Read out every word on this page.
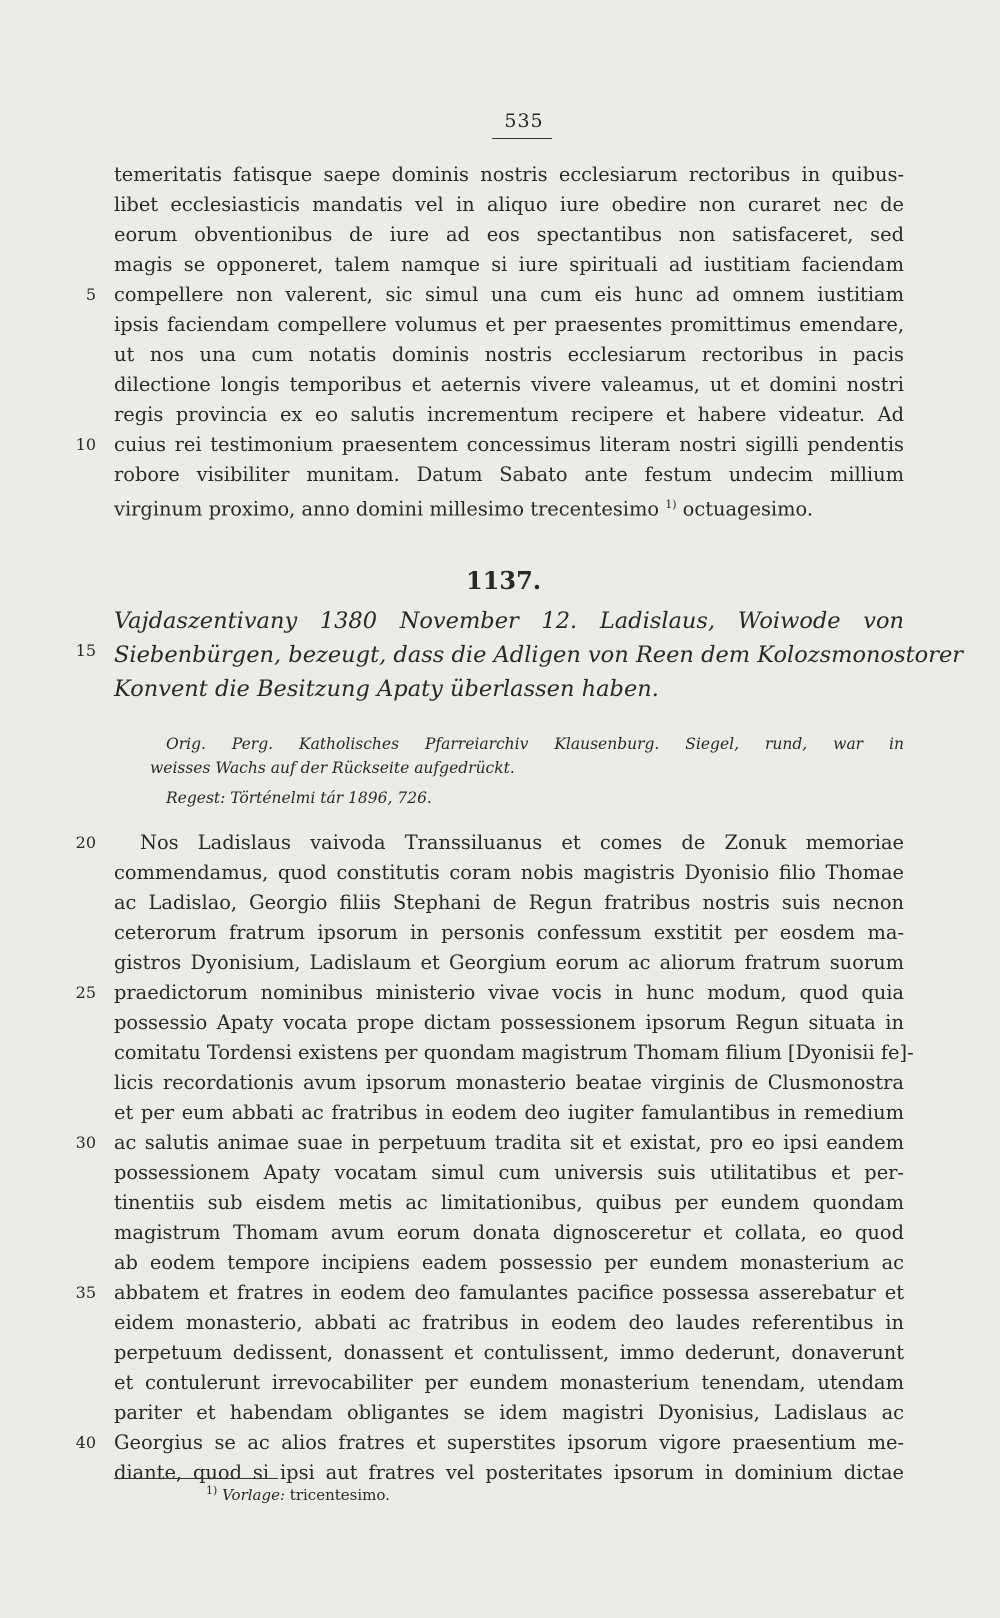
535
temeritatis fatisque saepe dominis nostris ecclesiarum rectoribus in quibus-
libet ecclesiasticis mandatis vel in aliquo iure obedire non curaret nec de
eorum obventionibus de iure ad eos spectantibus non satisfaceret, sed
magis se opponeret, talem namque si iure spirituali ad iustitiam faciendam
5 compellere non valerent, sic simul una cum eis hunc ad omnem iustitiam
ipsis faciendam compellere volumus et per praesentes promittimus emendare,
ut nos una cum notatis dominis nostris ecclesiarum rectoribus in pacis
dilectione longis temporibus et aeternis vivere valeamus, ut et domini nostri
regis provincia ex eo salutis incrementum recipere et habere videatur. Ad
10 cuius rei testimonium praesentem concessimus literam nostri sigilli pendentis
robore visibiliter munitam. Datum Sabato ante festum undecim millium
virginum proximo, anno domini millesimo trecentesimo $^{1)}$ octuagesimo.
1137.
Vajdaszentivany 1380 November 12. Ladislaus, Woiwode von
15 Siebenbürgen, bezeugt, dass die Adligen von Reen dem Kolozsmonostorer
Konvent die Besitzung Apaty überlassen haben.
Orig. Perg. Katholisches Pfarreiarchiv Klausenburg. Siegel, rund, war in
weisses Wachs auf der Rückseite aufgedrückt.
Regest: Történelmi tár 1896, 726.
20 Nos Ladislaus vaivoda Transsiluanus et comes de Zonuk memoriae
commendamus, quod constitutis coram nobis magistris Dyonisio filio Thomae
ac Ladislao, Georgio filiis Stephani de Regun fratribus nostris suis necnon
ceterorum fratrum ipsorum in personis confessum exstitit per eosdem ma-
gistros Dyonisium, Ladislaum et Georgium eorum ac aliorum fratrum suorum
25 praedictorum nominibus ministerio vivae vocis in hunc modum, quod quia
possessio Apaty vocata prope dictam possessionem ipsorum Regun situata in
comitatu Tordensi existens per quondam magistrum Thomam filium [Dyonisii fe]-
licis recordationis avum ipsorum monasterio beatae virginis de Clusmonostra
et per eum abbati ac fratribus in eodem deo iugiter famulantibus in remedium
30 ac salutis animae suae in perpetuum tradita sit et existat, pro eo ipsi eandem
possessionem Apaty vocatam simul cum universis suis utilitatibus et per-
tinentiis sub eisdem metis ac limitationibus, quibus per eundem quondam
magistrum Thomam avum eorum donata dignosceretur et collata, eo quod
ab eodem tempore incipiens eadem possessio per eundem monasterium ac
35 abbatem et fratres in eodem deo famulantes pacifice possessa asserebatur et
eidem monasterio, abbati ac fratribus in eodem deo laudes referentibus in
perpetuum dedissent, donassent et contulissent, immo dederunt, donaverunt
et contulerunt irrevocabiliter per eundem monasterium tenendam, utendam
pariter et habendam obligantes se idem magistri Dyonisius, Ladislaus ac
40 Georgius se ac alios fratres et superstites ipsorum vigore praesentium me-
diante, quod si ipsi aut fratres vel posteritates ipsorum in dominium dictae
$^{1)}$ Vorlage: tricentesimo.
